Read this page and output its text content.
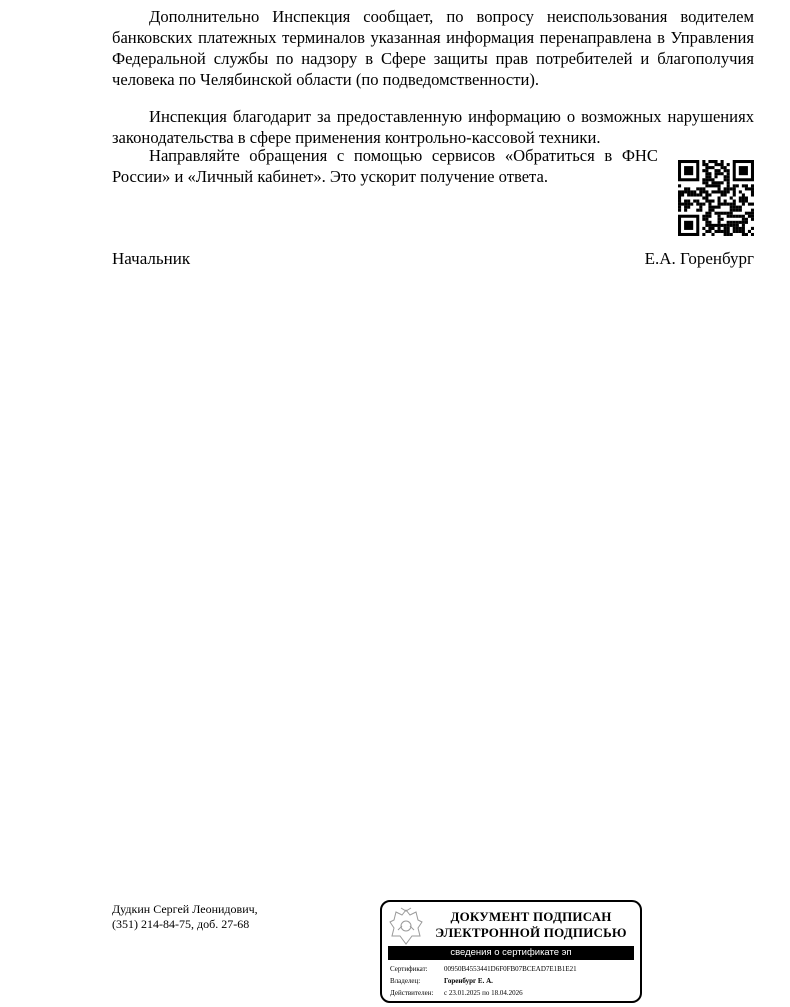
Дополнительно Инспекция сообщает, по вопросу неиспользования водителем банковских платежных терминалов указанная информация перенаправлена в Управления Федеральной службы по надзору в Сфере защиты прав потребителей и благополучия человека по Челябинской области (по подведомственности).

Инспекция благодарит за предоставленную информацию о возможных нарушениях законодательства в сфере применения контрольно-кассовой техники.

Направляйте обращения с помощью сервисов «Обратиться в ФНС России» и «Личный кабинет». Это ускорит получение ответа.

Начальник	Е.А. Горенбург
Дудкин Сергей Леонидович,
(351) 214-84-75, доб. 27-68	ДОКУМЕНТ ПОДПИСАН
ЭЛЕКТРОННОЙ ПОДПИСЬЮ
сведения о сертификате эп
Сертификат: 00950B4553441D6F0FB07BCEAD7E1B1E21
Владелец:	Горенбург Е. А.
Действителен: с 23.01.2025 по 18.04.2026
